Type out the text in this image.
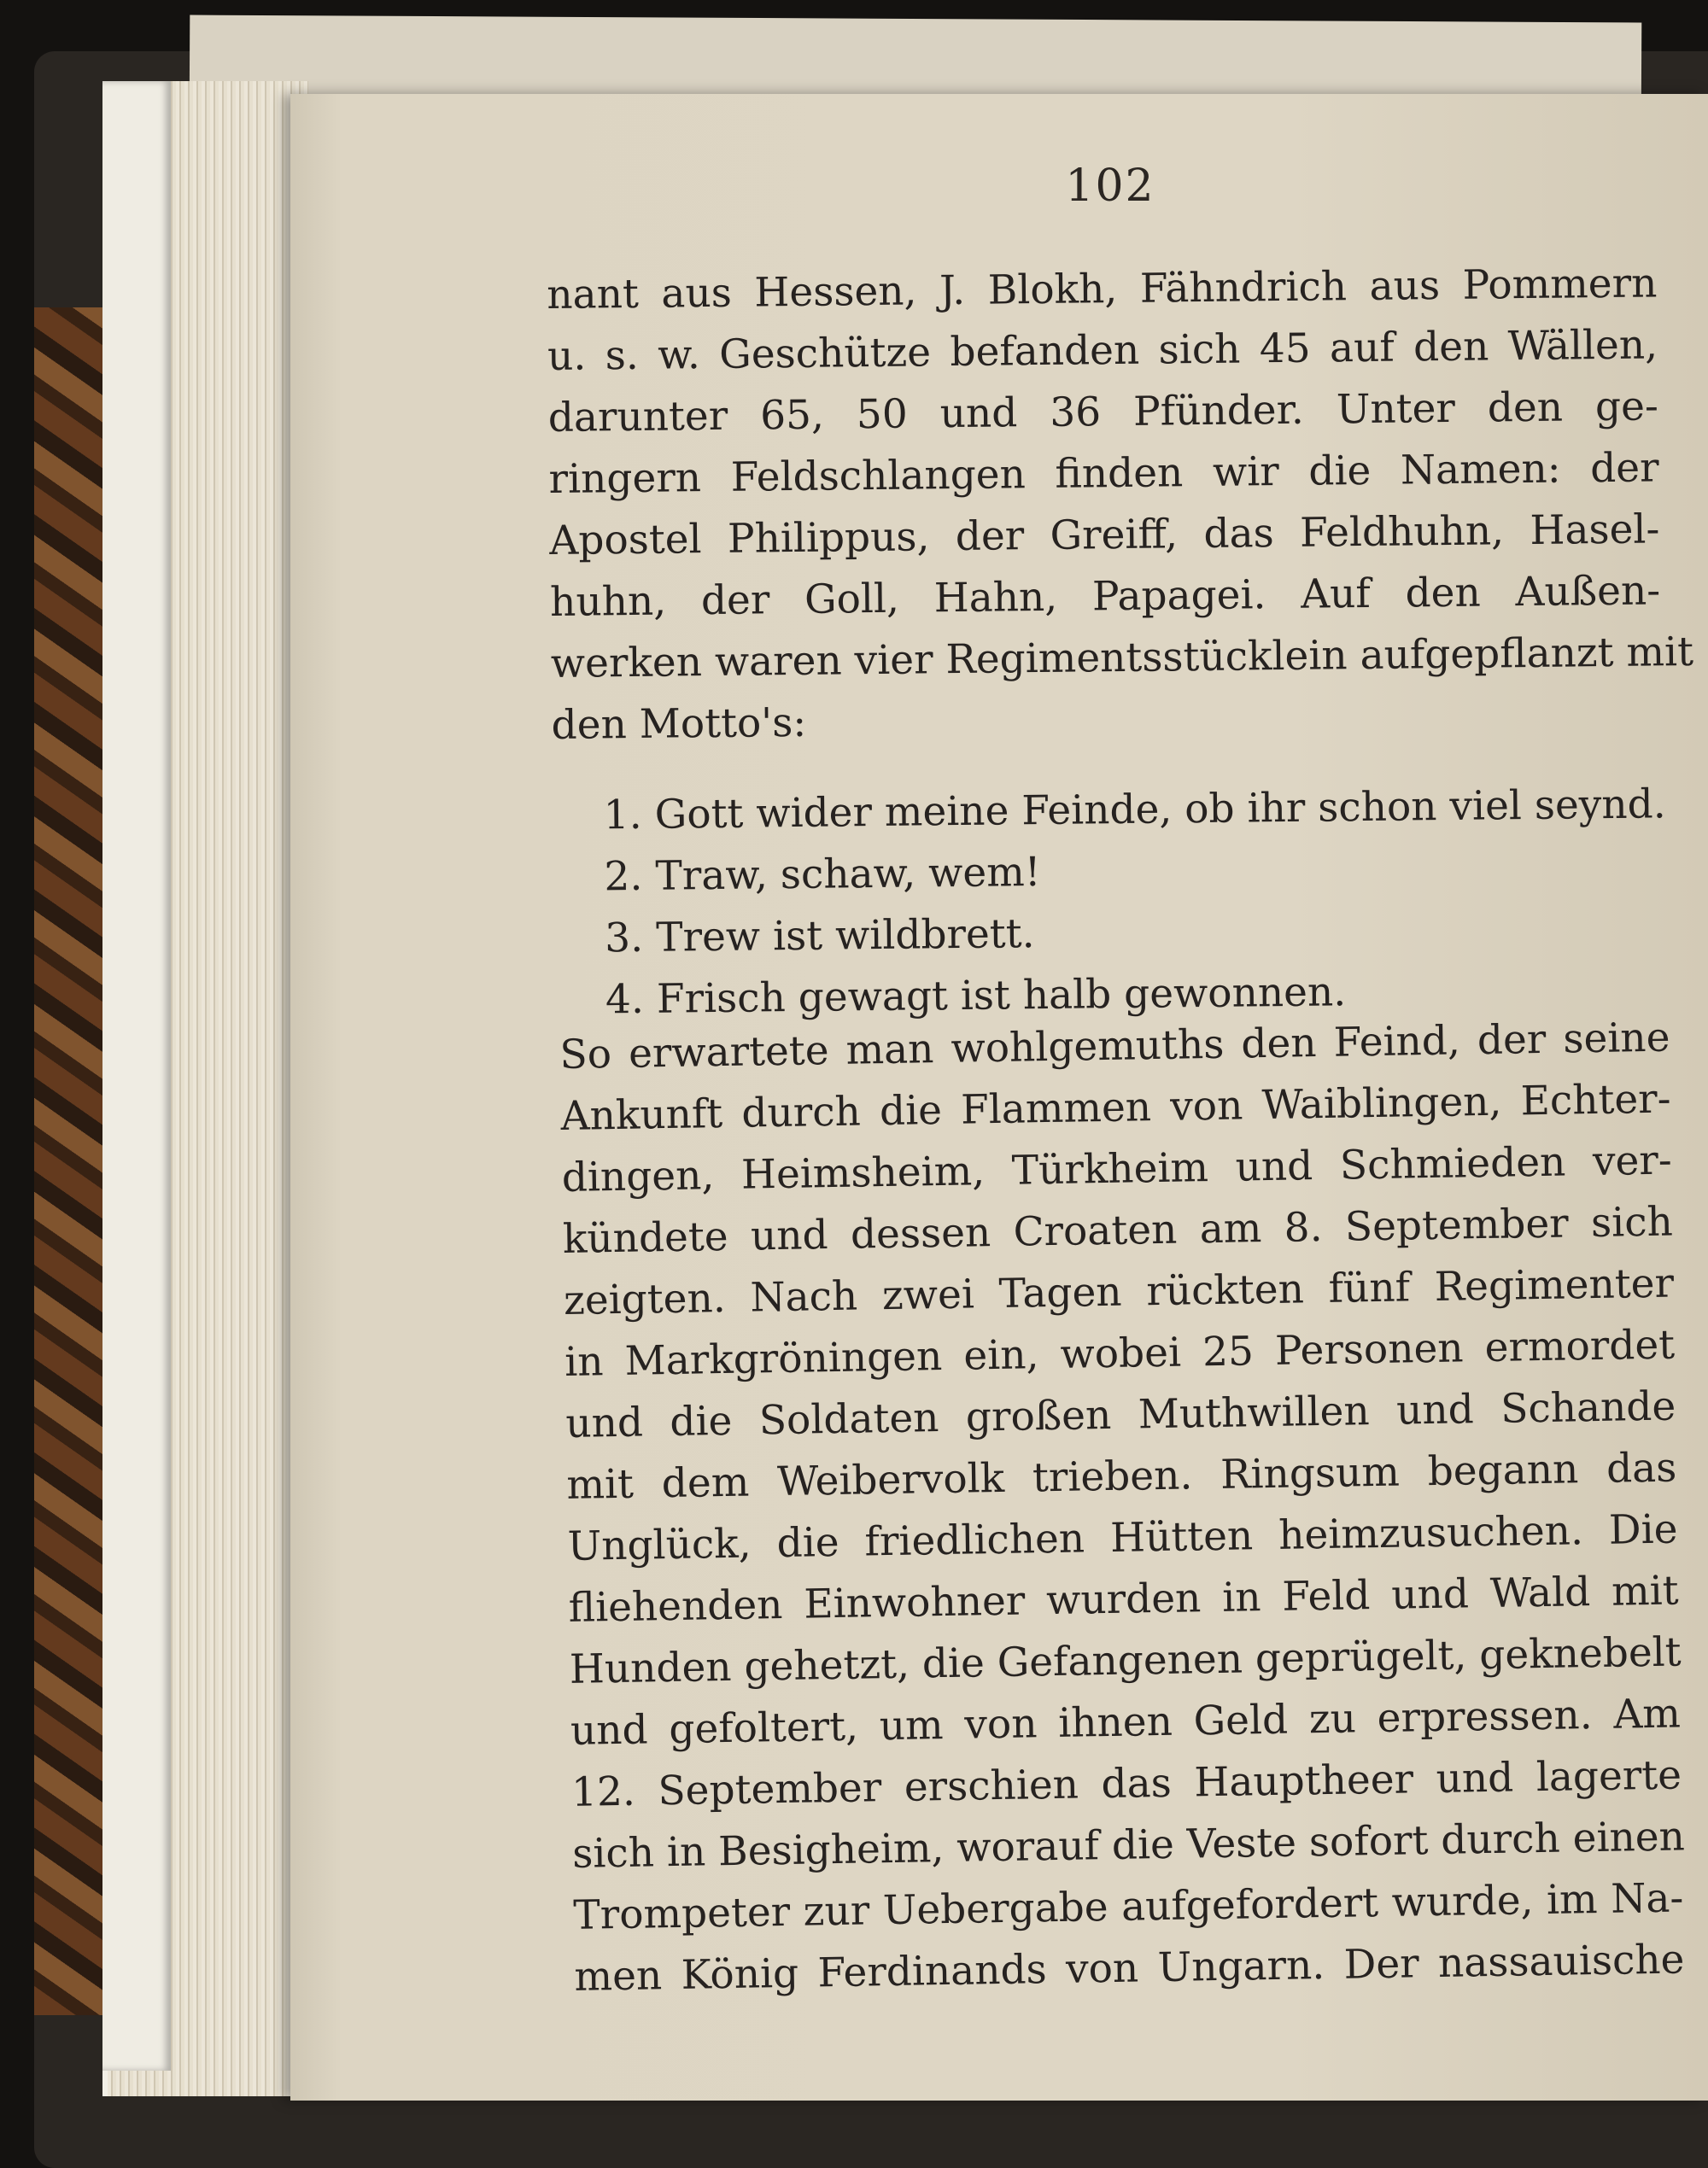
102
nant aus Hessen, J. Blokh, Fähndrich aus Pommern
u. s. w. Geschütze befanden sich 45 auf den Wällen,
darunter 65, 50 und 36 Pfünder. Unter den ge-
ringern Feldschlangen finden wir die Namen: der
Apostel Philippus, der Greiff, das Feldhuhn, Hasel-
huhn, der Goll, Hahn, Papagei. Auf den Außen-
werken waren vier Regimentsstücklein aufgepflanzt mit
den Motto's:
1. Gott wider meine Feinde, ob ihr schon viel seynd.
2. Traw, schaw, wem!
3. Trew ist wildbrett.
4. Frisch gewagt ist halb gewonnen.
So erwartete man wohlgemuths den Feind, der seine
Ankunft durch die Flammen von Waiblingen, Echter-
dingen, Heimsheim, Türkheim und Schmieden ver-
kündete und dessen Croaten am 8. September sich
zeigten. Nach zwei Tagen rückten fünf Regimenter
in Markgröningen ein, wobei 25 Personen ermordet
und die Soldaten großen Muthwillen und Schande
mit dem Weibervolk trieben. Ringsum begann das
Unglück, die friedlichen Hütten heimzusuchen. Die
fliehenden Einwohner wurden in Feld und Wald mit
Hunden gehetzt, die Gefangenen geprügelt, geknebelt
und gefoltert, um von ihnen Geld zu erpressen. Am
12. September erschien das Hauptheer und lagerte
sich in Besigheim, worauf die Veste sofort durch einen
Trompeter zur Uebergabe aufgefordert wurde, im Na-
men König Ferdinands von Ungarn. Der nassauische
